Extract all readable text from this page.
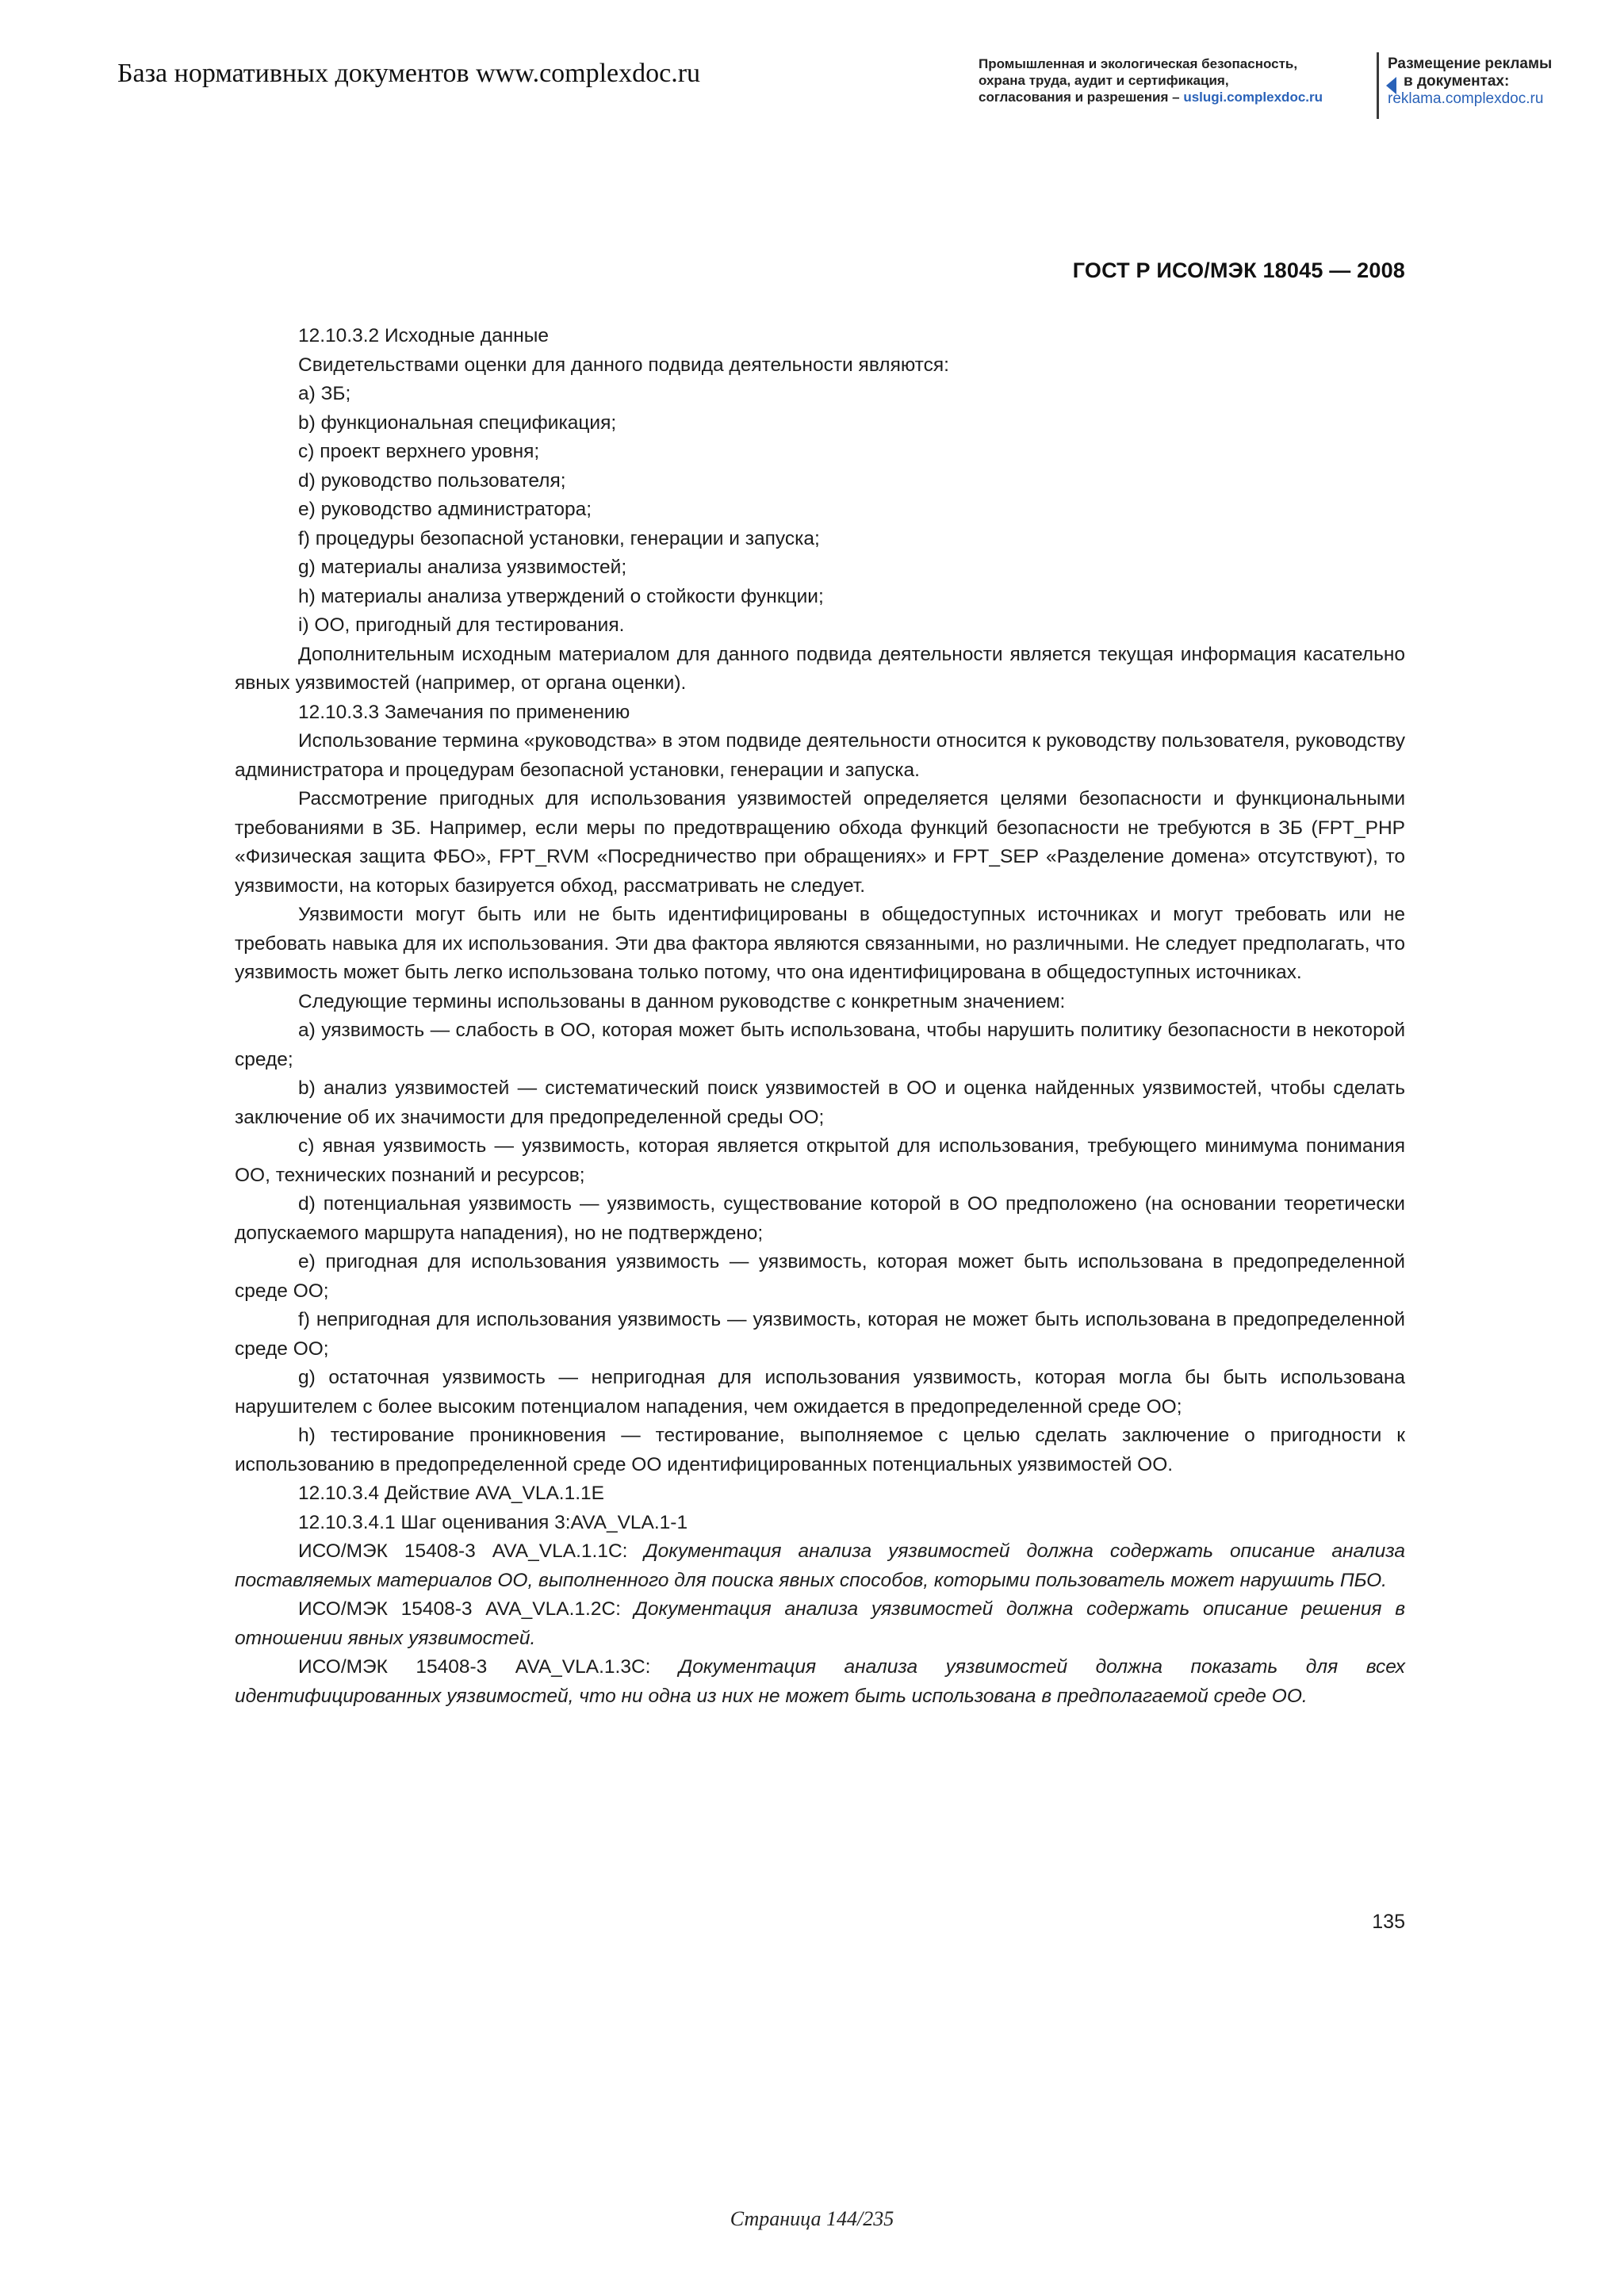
База нормативных документов www.complexdoc.ru	Промышленная и экологическая безопасность,
охрана труда, аудит и сертификация,
согласования и разрешения – uslugi.complexdoc.ru
Размещение рекламы
в документах:
reklama.complexdoc.ru
ГОСТ Р ИСО/МЭК 18045 — 2008

12.10.3.2 Исходные данные

Свидетельствами оценки для данного подвида деятельности являются:

a) ЗБ;

b) функциональная спецификация;

c) проект верхнего уровня;

d) руководство пользователя;

e) руководство администратора;

f) процедуры безопасной установки, генерации и запуска;

g) материалы анализа уязвимостей;

h) материалы анализа утверждений о стойкости функции;

i) ОО, пригодный для тестирования.

Дополнительным исходным материалом для данного подвида деятельности является текущая информация касательно явных уязвимостей (например, от органа оценки).

12.10.3.3 Замечания по применению

Использование термина «руководства» в этом подвиде деятельности относится к руководству пользователя, руководству администратора и процедурам безопасной установки, генерации и запуска.

Рассмотрение пригодных для использования уязвимостей определяется целями безопасности и функциональными требованиями в ЗБ. Например, если меры по предотвращению обхода функций безопасности не требуются в ЗБ (FPT_PHP «Физическая защита ФБО», FPT_RVM «Посредничество при обращениях» и FPT_SEP «Разделение домена» отсутствуют), то уязвимости, на которых базируется обход, рассматривать не следует.

Уязвимости могут быть или не быть идентифицированы в общедоступных источниках и могут требовать или не требовать навыка для их использования. Эти два фактора являются связанными, но различными. Не следует предполагать, что уязвимость может быть легко использована только потому, что она идентифицирована в общедоступных источниках.

Следующие термины использованы в данном руководстве с конкретным значением:

a) уязвимость — слабость в ОО, которая может быть использована, чтобы нарушить политику безопасности в некоторой среде;

b) анализ уязвимостей — систематический поиск уязвимостей в ОО и оценка найденных уязвимостей, чтобы сделать заключение об их значимости для предопределенной среды ОО;

c) явная уязвимость — уязвимость, которая является открытой для использования, требующего минимума понимания ОО, технических познаний и ресурсов;

d) потенциальная уязвимость — уязвимость, существование которой в ОО предположено (на основании теоретически допускаемого маршрута нападения), но не подтверждено;

e) пригодная для использования уязвимость — уязвимость, которая может быть использована в предопределенной среде ОО;

f) непригодная для использования уязвимость — уязвимость, которая не может быть использована в предопределенной среде ОО;

g) остаточная уязвимость — непригодная для использования уязвимость, которая могла бы быть использована нарушителем с более высоким потенциалом нападения, чем ожидается в предопределенной среде ОО;

h) тестирование проникновения — тестирование, выполняемое с целью сделать заключение о пригодности к использованию в предопределенной среде ОО идентифицированных потенциальных уязвимостей ОО.

12.10.3.4 Действие AVA_VLA.1.1E

12.10.3.4.1 Шаг оценивания 3:AVA_VLA.1-1

ИСО/МЭК 15408-3 AVA_VLA.1.1C: Документация анализа уязвимостей должна содержать описание анализа поставляемых материалов ОО, выполненного для поиска явных способов, которыми пользователь может нарушить ПБО.

ИСО/МЭК 15408-3 AVA_VLA.1.2C: Документация анализа уязвимостей должна содержать описание решения в отношении явных уязвимостей.

ИСО/МЭК 15408-3 AVA_VLA.1.3C: Документация анализа уязвимостей должна показать для всех идентифицированных уязвимостей, что ни одна из них не может быть использована в предполагаемой среде ОО.

135
Страница 144/235
